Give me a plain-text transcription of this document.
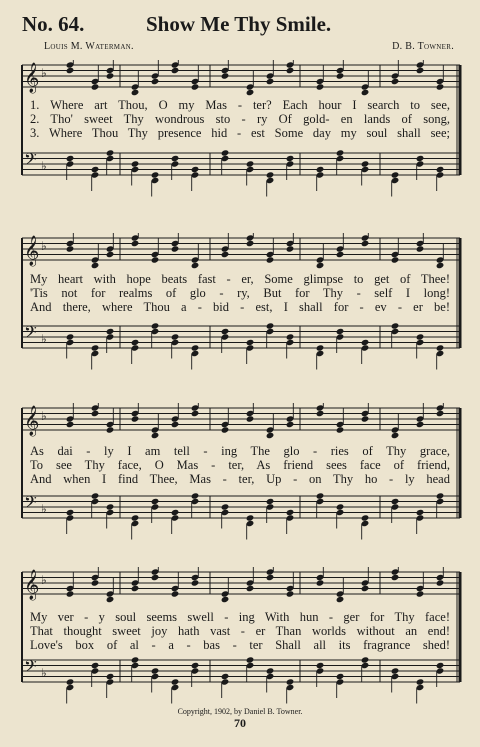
No. 64.	Show Me Thy Smile.
Louis M. Waterman.	D. B. Towner.
𝄞 ♭
𝄢 ♭
1. Where art Thou, O my Mas - ter? Each hour I search to see,
2. Tho' sweet Thy wondrous sto - ry Of gold- en lands of song,
3. Where Thou Thy presence hid - est Some day my soul shall see;
𝄞 ♭
𝄢 ♭
My heart with hope beats fast - er, Some glimpse to get of Thee!
'Tis not for realms of glo - ry, But for Thy - self I long!
And there, where Thou a - bid - est, I shall for - ev - er be!
𝄞 ♭
𝄢 ♭
As dai - ly I am tell - ing The glo - ries of Thy grace,
To see Thy face, O Mas - ter, As friend sees face of friend,
And when I find Thee, Mas - ter, Up - on Thy ho - ly head
𝄞 ♭
𝄢 ♭
My ver - y soul seems swell - ing With hun - ger for Thy face!
That thought sweet joy hath vast - er Than worlds without an end!
Love's box of al - a - bas - ter Shall all its fragrance shed!
Copyright, 1902, by Daniel B. Towner.
70
